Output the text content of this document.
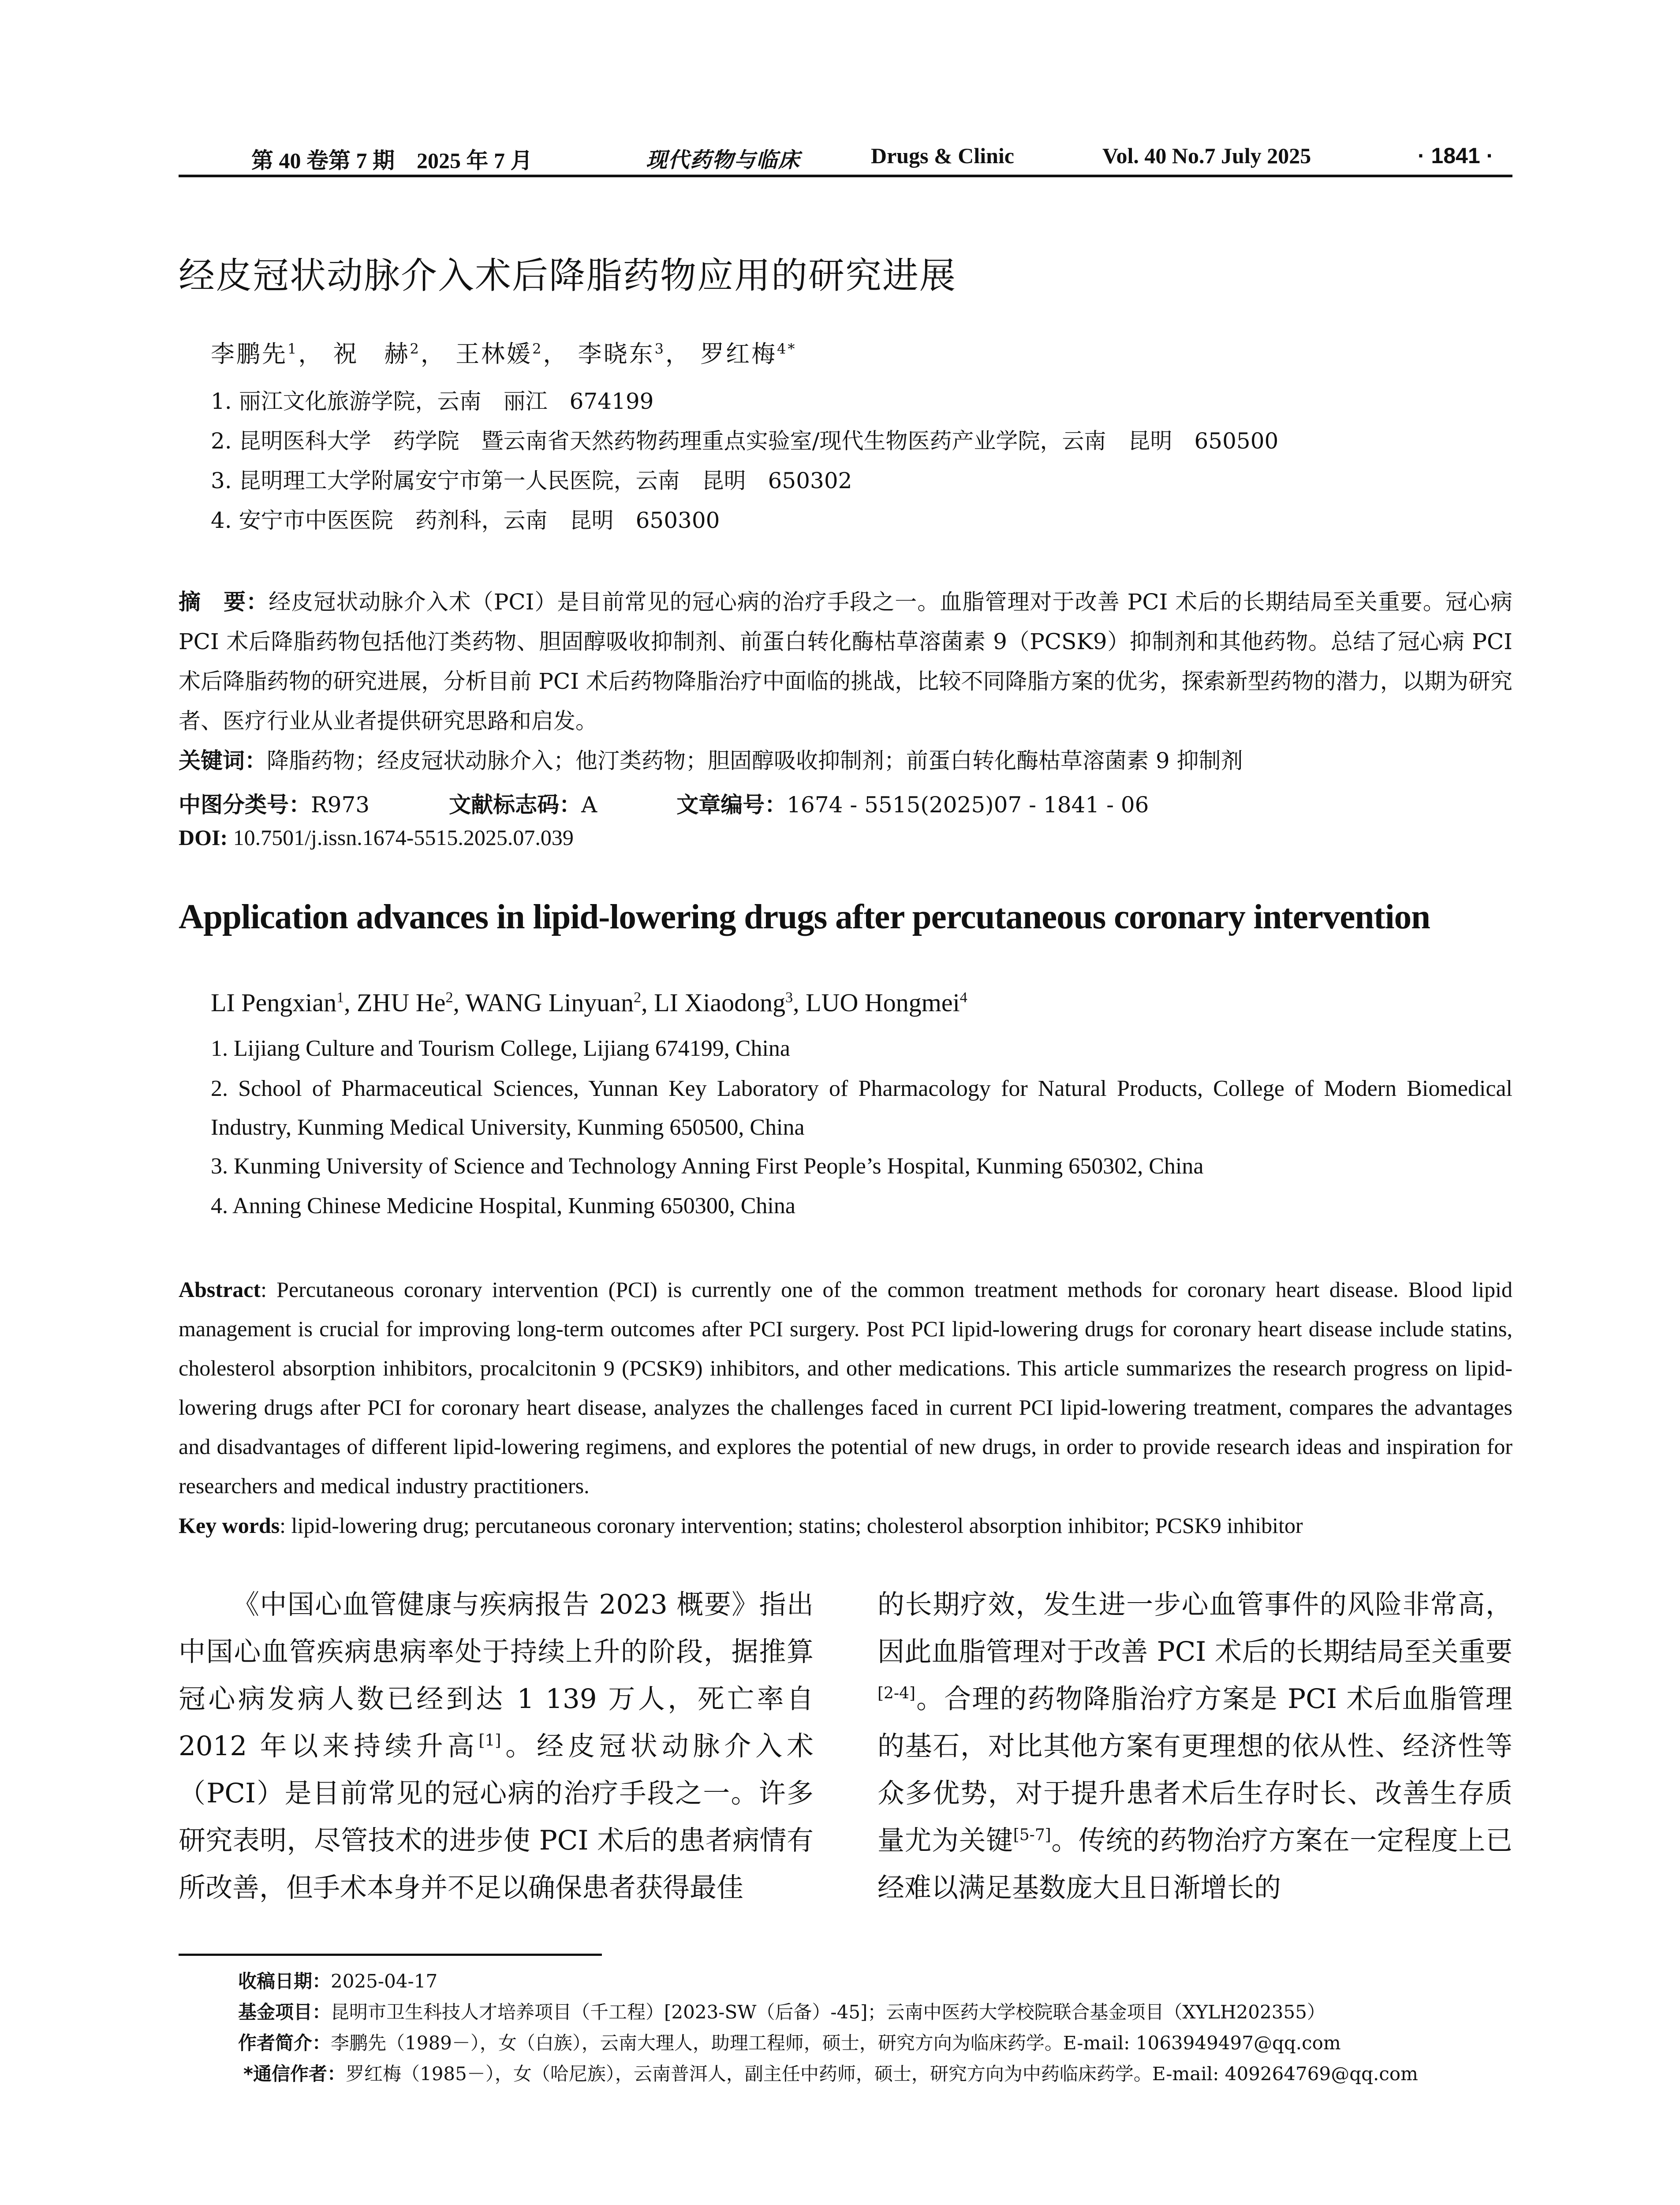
第 40 卷第 7 期　2025 年 7 月	现代药物与临床	Drugs & Clinic	Vol. 40 No.7 July 2025	· 1841 ·
经皮冠状动脉介入术后降脂药物应用的研究进展
李鹏先$^1$， 祝　赫$^2$， 王林媛$^2$， 李晓东$^3$， 罗红梅$^{4*}$
1. 丽江文化旅游学院，云南　丽江　674199
2. 昆明医科大学　药学院　暨云南省天然药物药理重点实验室/现代生物医药产业学院，云南　昆明　650500
3. 昆明理工大学附属安宁市第一人民医院，云南　昆明　650302
4. 安宁市中医医院　药剂科，云南　昆明　650300

摘　要：经皮冠状动脉介入术（PCI）是目前常见的冠心病的治疗手段之一。血脂管理对于改善 PCI 术后的长期结局至关重要。冠心病 PCI 术后降脂药物包括他汀类药物、胆固醇吸收抑制剂、前蛋白转化酶枯草溶菌素 9（PCSK9）抑制剂和其他药物。总结了冠心病 PCI 术后降脂药物的研究进展，分析目前 PCI 术后药物降脂治疗中面临的挑战，比较不同降脂方案的优劣，探索新型药物的潜力，以期为研究者、医疗行业从业者提供研究思路和启发。

关键词：降脂药物；经皮冠状动脉介入；他汀类药物；胆固醇吸收抑制剂；前蛋白转化酶枯草溶菌素 9 抑制剂

中图分类号：R973	文献标志码：A	文章编号：1674 - 5515(2025)07 - 1841 - 06
DOI: 10.7501/j.issn.1674-5515.2025.07.039
Application advances in lipid-lowering drugs after percutaneous coronary intervention
LI Pengxian$^1$, ZHU He$^2$, WANG Linyuan$^2$, LI Xiaodong$^3$, LUO Hongmei$^4$
1. Lijiang Culture and Tourism College, Lijiang 674199, China
2. School of Pharmaceutical Sciences, Yunnan Key Laboratory of Pharmacology for Natural Products, College of Modern Biomedical Industry, Kunming Medical University, Kunming 650500, China
3. Kunming University of Science and Technology Anning First People’s Hospital, Kunming 650302, China
4. Anning Chinese Medicine Hospital, Kunming 650300, China

Abstract: Percutaneous coronary intervention (PCI) is currently one of the common treatment methods for coronary heart disease. Blood lipid management is crucial for improving long-term outcomes after PCI surgery. Post PCI lipid-lowering drugs for coronary heart disease include statins, cholesterol absorption inhibitors, procalcitonin 9 (PCSK9) inhibitors, and other medications. This article summarizes the research progress on lipid-lowering drugs after PCI for coronary heart disease, analyzes the challenges faced in current PCI lipid-lowering treatment, compares the advantages and disadvantages of different lipid-lowering regimens, and explores the potential of new drugs, in order to provide research ideas and inspiration for researchers and medical industry practitioners.

Key words: lipid-lowering drug; percutaneous coronary intervention; statins; cholesterol absorption inhibitor; PCSK9 inhibitor

《中国心血管健康与疾病报告 2023 概要》指出中国心血管疾病患病率处于持续上升的阶段，据推算冠心病发病人数已经到达 1 139 万人，死亡率自 2012 年以来持续升高[1]。经皮冠状动脉介入术（PCI）是目前常见的冠心病的治疗手段之一。许多研究表明，尽管技术的进步使 PCI 术后的患者病情有所改善，但手术本身并不足以确保患者获得最佳

的长期疗效，发生进一步心血管事件的风险非常高，因此血脂管理对于改善 PCI 术后的长期结局至关重要[2-4]。合理的药物降脂治疗方案是 PCI 术后血脂管理的基石，对比其他方案有更理想的依从性、经济性等众多优势，对于提升患者术后生存时长、改善生存质量尤为关键[5-7]。传统的药物治疗方案在一定程度上已经难以满足基数庞大且日渐增长的

收稿日期：2025-04-17
基金项目：昆明市卫生科技人才培养项目（千工程）[2023-SW（后备）-45]；云南中医药大学校院联合基金项目（XYLH202355）
作者简介：李鹏先（1989－），女（白族），云南大理人，助理工程师，硕士，研究方向为临床药学。E-mail: 1063949497@qq.com
*通信作者：罗红梅（1985－），女（哈尼族），云南普洱人，副主任中药师，硕士，研究方向为中药临床药学。E-mail: 409264769@qq.com
